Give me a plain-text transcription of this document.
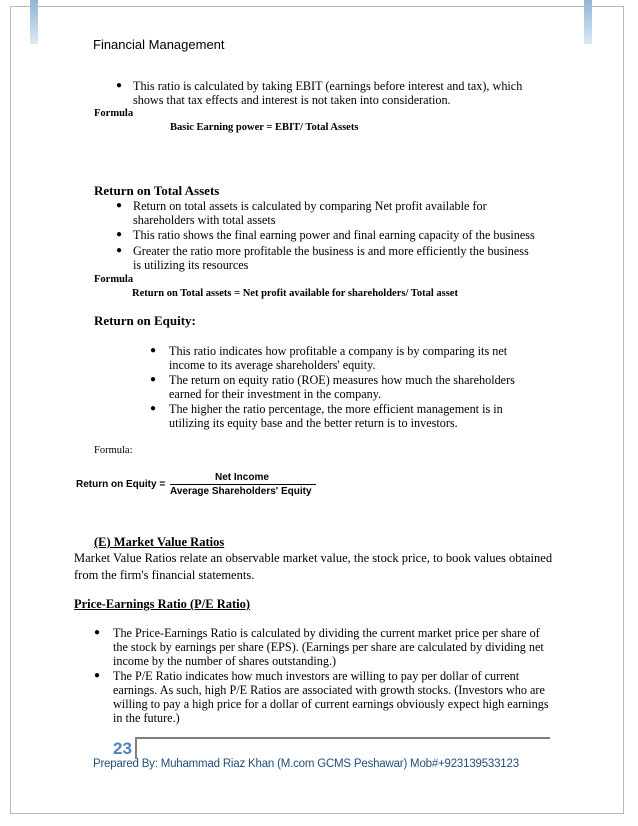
Financial Management
● This ratio is calculated by taking EBIT (earnings before interest and tax), which
shows that tax effects and interest is not taken into consideration.
Formula
Basic Earning power = EBIT/ Total Assets
Return on Total Assets
● Return on total assets is calculated by comparing Net profit available for
shareholders with total assets
● This ratio shows the final earning power and final earning capacity of the business
● Greater the ratio more profitable the business is and more efficiently the business
is utilizing its resources
Formula
Return on Total assets = Net profit available for shareholders/ Total asset
Return on Equity:
● This ratio indicates how profitable a company is by comparing its net
income to its average shareholders' equity.
● The return on equity ratio (ROE) measures how much the shareholders
earned for their investment in the company.
● The higher the ratio percentage, the more efficient management is in
utilizing its equity base and the better return is to investors.
Formula:
Return on Equity =
Net Income
Average Shareholders' Equity
(E) Market Value Ratios
Market Value Ratios relate an observable market value, the stock price, to book values obtained
from the firm's financial statements.
Price-Earnings Ratio (P/E Ratio)
● The Price-Earnings Ratio is calculated by dividing the current market price per share of
the stock by earnings per share (EPS). (Earnings per share are calculated by dividing net
income by the number of shares outstanding.)
● The P/E Ratio indicates how much investors are willing to pay per dollar of current
earnings. As such, high P/E Ratios are associated with growth stocks. (Investors who are
willing to pay a high price for a dollar of current earnings obviously expect high earnings
in the future.)
23
Prepared By: Muhammad Riaz Khan (M.com GCMS Peshawar) Mob#+923139533123
